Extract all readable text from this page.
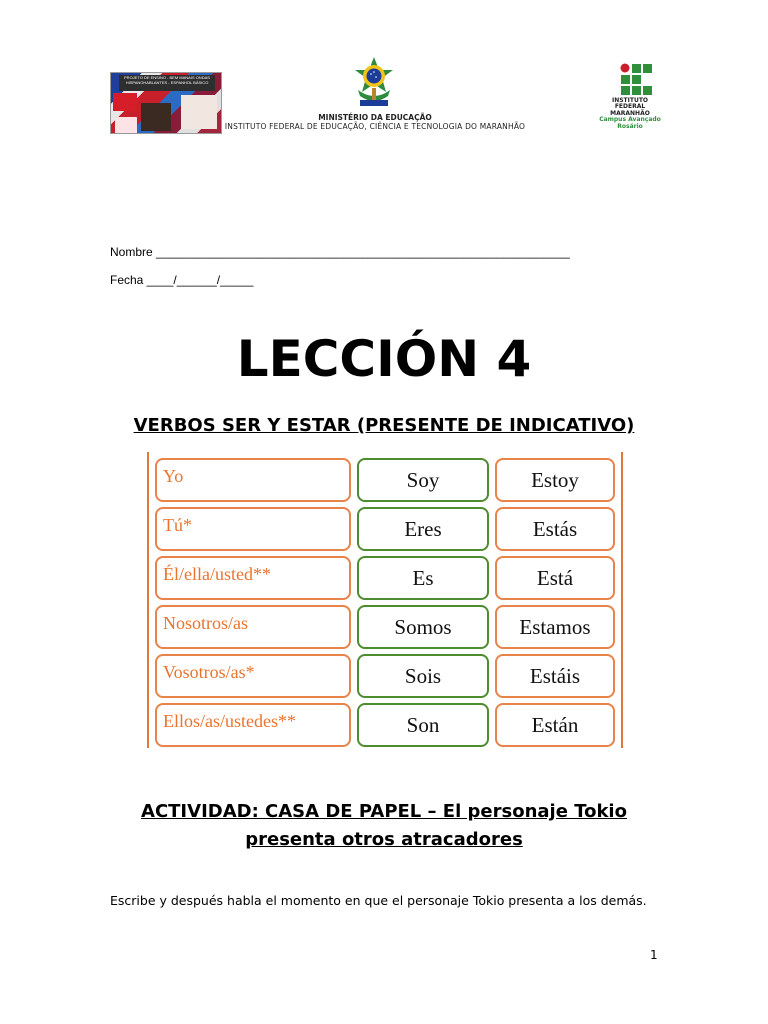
PROJETO DE ENSINO - BEM MANAIS ONDAS HISPANOHABLANTES - ESPANHOL BÁSICO
MINISTÉRIO DA EDUCAÇÃO
INSTITUTO FEDERAL DE EDUCAÇÃO, CIÊNCIA E TECNOLOGIA DO MARANHÃO
INSTITUTO
FEDERAL
MARANHÃO
Campus Avançado
Rosário
Nombre ______________________________________________________________
Fecha ____/______/_____
LECCIÓN 4
VERBOS SER Y ESTAR (PRESENTE DE INDICATIVO)
Yo	Soy	Estoy
Tú*	Eres	Estás
Él/ella/usted**	Es	Está
Nosotros/as	Somos	Estamos
Vosotros/as*	Sois	Estáis
Ellos/as/ustedes**	Son	Están
ACTIVIDAD: CASA DE PAPEL – El personaje Tokio
presenta otros atracadores
Escribe y después habla el momento en que el personaje Tokio presenta a los demás.
1
